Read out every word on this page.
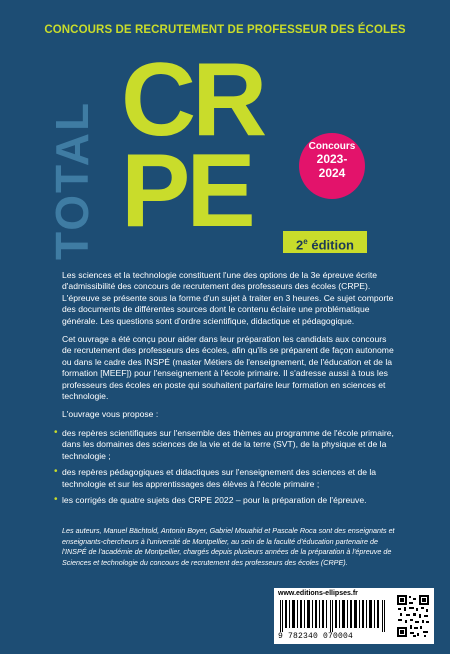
CONCOURS DE RECRUTEMENT DE PROFESSEUR DES ÉCOLES
TOTAL
CR
PE	Concours
2023-
2024
2e édition

Les sciences et la technologie constituent l'une des options de la 3e épreuve écrite d'admissibilité des concours de recrutement des professeurs des écoles (CRPE). L'épreuve se présente sous la forme d'un sujet à traiter en 3 heures. Ce sujet comporte des documents de différentes sources dont le contenu éclaire une problématique générale. Les questions sont d'ordre scientifique, didactique et pédagogique.

Cet ouvrage a été conçu pour aider dans leur préparation les candidats aux concours de recrutement des professeurs des écoles, afin qu'ils se préparent de façon autonome ou dans le cadre des INSPÉ (master Métiers de l'enseignement, de l'éducation et de la formation [MEEF]) pour l'enseignement à l'école primaire. Il s'adresse aussi à tous les professeurs des écoles en poste qui souhaitent parfaire leur formation en sciences et technologie.

L'ouvrage vous propose :

• des repères scientifiques sur l'ensemble des thèmes au programme de l'école primaire, dans les domaines des sciences de la vie et de la terre (SVT), de la physique et de la technologie ;
• des repères pédagogiques et didactiques sur l'enseignement des sciences et de la technologie et sur les apprentissages des élèves à l'école primaire ;
• les corrigés de quatre sujets des CRPE 2022 – pour la préparation de l'épreuve.
Les auteurs, Manuel Bächtold, Antonin Boyer, Gabriel Mouahid et Pascale Roca sont des enseignants et enseignants-chercheurs à l'université de Montpellier, au sein de la faculté d'éducation partenaire de l'INSPÉ de l'académie de Montpellier, chargés depuis plusieurs années de la préparation à l'épreuve de Sciences et technologie du concours de recrutement des professeurs des écoles (CRPE).
www.editions-ellipses.fr
9 782340 070004
